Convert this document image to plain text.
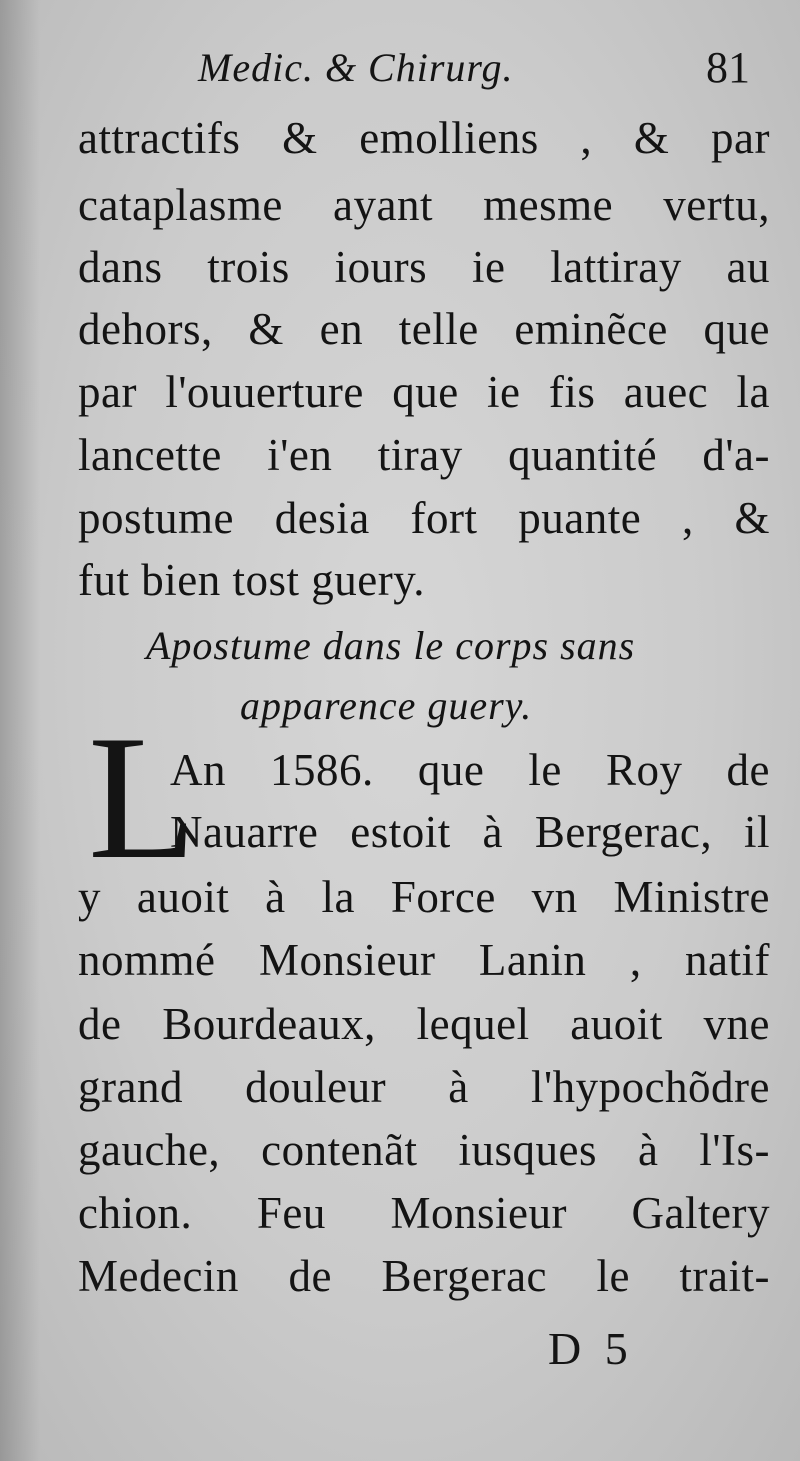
Medic. & Chirurg.	81
attractifs & emolliens , & par
cataplasme ayant mesme vertu,
dans trois iours ie lattiray au
dehors, & en telle eminẽce que
par l'ouuerture que ie fis auec la
lancette i'en tiray quantité d'a-
postume desia fort puante , &
fut bien tost guery.
Apostume dans le corps sans
apparence guery.
L
An 1586. que le Roy de
Nauarre estoit à Bergerac, il
y auoit à la Force vn Ministre
nommé Monsieur Lanin , natif
de Bourdeaux, lequel auoit vne
grand douleur à l'hypochõdre
gauche, contenãt iusques à l'Is-
chion. Feu Monsieur Galtery
Medecin de Bergerac le trait-
D 5
